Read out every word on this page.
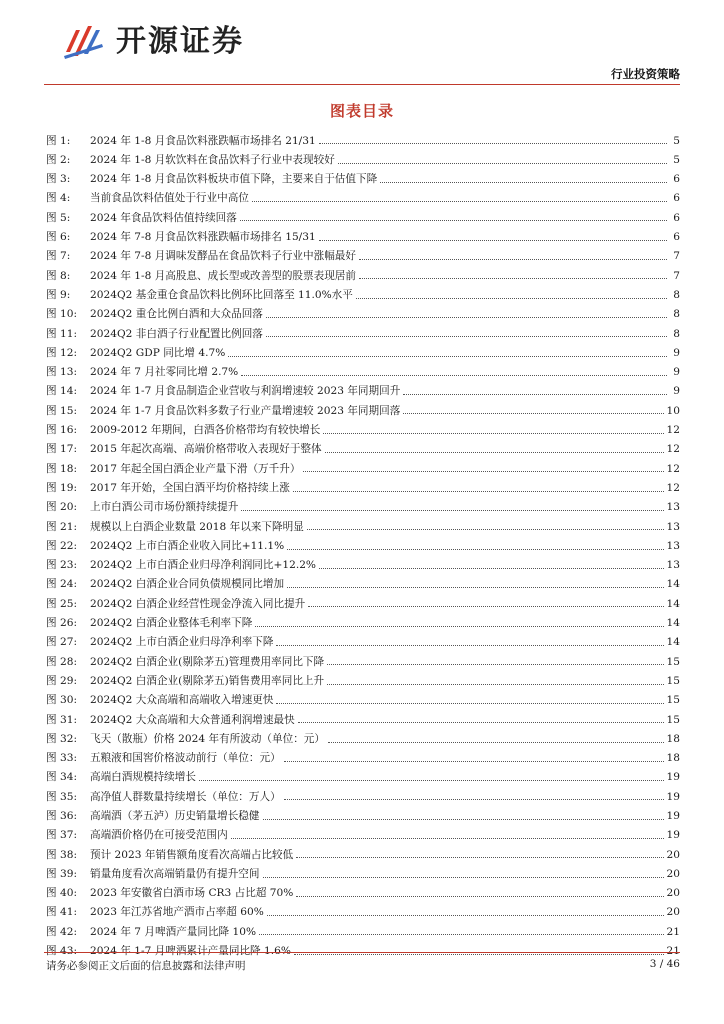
开源证券
行业投资策略
图表目录
图 1:	2024 年 1-8 月食品饮料涨跌幅市场排名 21/31	5
图 2:	2024 年 1-8 月软饮料在食品饮料子行业中表现较好	5
图 3:	2024 年 1-8 月食品饮料板块市值下降，主要来自于估值下降	6
图 4:	当前食品饮料估值处于行业中高位	6
图 5:	2024 年食品饮料估值持续回落	6
图 6:	2024 年 7-8 月食品饮料涨跌幅市场排名 15/31	6
图 7:	2024 年 7-8 月调味发酵品在食品饮料子行业中涨幅最好	7
图 8:	2024 年 1-8 月高股息、成长型或改善型的股票表现居前	7
图 9:	2024Q2 基金重仓食品饮料比例环比回落至 11.0%水平	8
图 10:	2024Q2 重仓比例白酒和大众品回落	8
图 11:	2024Q2 非白酒子行业配置比例回落	8
图 12:	2024Q2 GDP 同比增 4.7%	9
图 13:	2024 年 7 月社零同比增 2.7%	9
图 14:	2024 年 1-7 月食品制造企业营收与利润增速较 2023 年同期回升	9
图 15:	2024 年 1-7 月食品饮料多数子行业产量增速较 2023 年同期回落	10
图 16:	2009-2012 年期间，白酒各价格带均有较快增长	12
图 17:	2015 年起次高端、高端价格带收入表现好于整体	12
图 18:	2017 年起全国白酒企业产量下滑（万千升）	12
图 19:	2017 年开始，全国白酒平均价格持续上涨	12
图 20:	上市白酒公司市场份额持续提升	13
图 21:	规模以上白酒企业数量 2018 年以来下降明显	13
图 22:	2024Q2 上市白酒企业收入同比+11.1%	13
图 23:	2024Q2 上市白酒企业归母净利润同比+12.2%	13
图 24:	2024Q2 白酒企业合同负债规模同比增加	14
图 25:	2024Q2 白酒企业经营性现金净流入同比提升	14
图 26:	2024Q2 白酒企业整体毛利率下降	14
图 27:	2024Q2 上市白酒企业归母净利率下降	14
图 28:	2024Q2 白酒企业(剔除茅五)管理费用率同比下降	15
图 29:	2024Q2 白酒企业(剔除茅五)销售费用率同比上升	15
图 30:	2024Q2 大众高端和高端收入增速更快	15
图 31:	2024Q2 大众高端和大众普通利润增速最快	15
图 32:	飞天（散瓶）价格 2024 年有所波动（单位：元）	18
图 33:	五粮液和国窖价格波动前行（单位：元）	18
图 34:	高端白酒规模持续增长	19
图 35:	高净值人群数量持续增长（单位：万人）	19
图 36:	高端酒（茅五泸）历史销量增长稳健	19
图 37:	高端酒价格仍在可接受范围内	19
图 38:	预计 2023 年销售额角度看次高端占比较低	20
图 39:	销量角度看次高端销量仍有提升空间	20
图 40:	2023 年安徽省白酒市场 CR3 占比超 70%	20
图 41:	2023 年江苏省地产酒市占率超 60%	20
图 42:	2024 年 7 月啤酒产量同比降 10%	21
图 43:	2024 年 1-7 月啤酒累计产量同比降 1.6%	21
请务必参阅正文后面的信息披露和法律声明	3 / 46
